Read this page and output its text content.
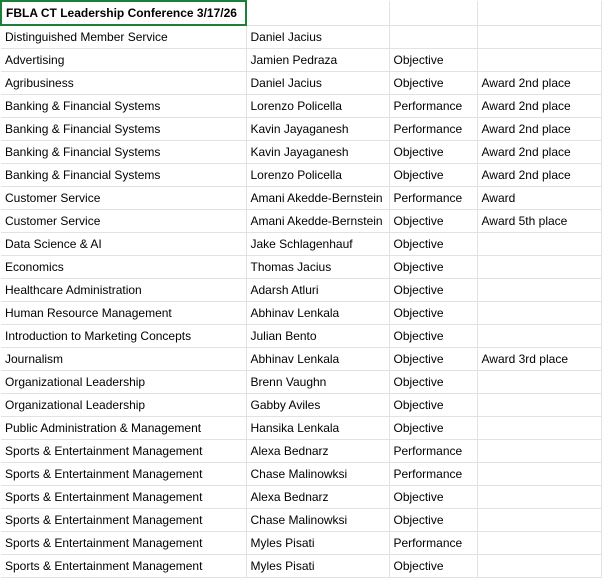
FBLA CT Leadership Conference 3/17/26			
Distinguished Member Service	Daniel Jacius		
Advertising	Jamien Pedraza	Objective	
Agribusiness	Daniel Jacius	Objective	Award 2nd place
Banking & Financial Systems	Lorenzo Policella	Performance	Award 2nd place
Banking & Financial Systems	Kavin Jayaganesh	Performance	Award 2nd place
Banking & Financial Systems	Kavin Jayaganesh	Objective	Award 2nd place
Banking & Financial Systems	Lorenzo Policella	Objective	Award 2nd place
Customer Service	Amani Akedde-Bernstein	Performance	Award
Customer Service	Amani Akedde-Bernstein	Objective	Award 5th place
Data Science & AI	Jake Schlagenhauf	Objective	
Economics	Thomas Jacius	Objective	
Healthcare Administration	Adarsh Atluri	Objective	
Human Resource Management	Abhinav Lenkala	Objective	
Introduction to Marketing Concepts	Julian Bento	Objective	
Journalism	Abhinav Lenkala	Objective	Award 3rd place
Organizational Leadership	Brenn Vaughn	Objective	
Organizational Leadership	Gabby Aviles	Objective	
Public Administration & Management	Hansika Lenkala	Objective	
Sports & Entertainment Management	Alexa Bednarz	Performance	
Sports & Entertainment Management	Chase Malinowksi	Performance	
Sports & Entertainment Management	Alexa Bednarz	Objective	
Sports & Entertainment Management	Chase Malinowksi	Objective	
Sports & Entertainment Management	Myles Pisati	Performance	
Sports & Entertainment Management	Myles Pisati	Objective	
